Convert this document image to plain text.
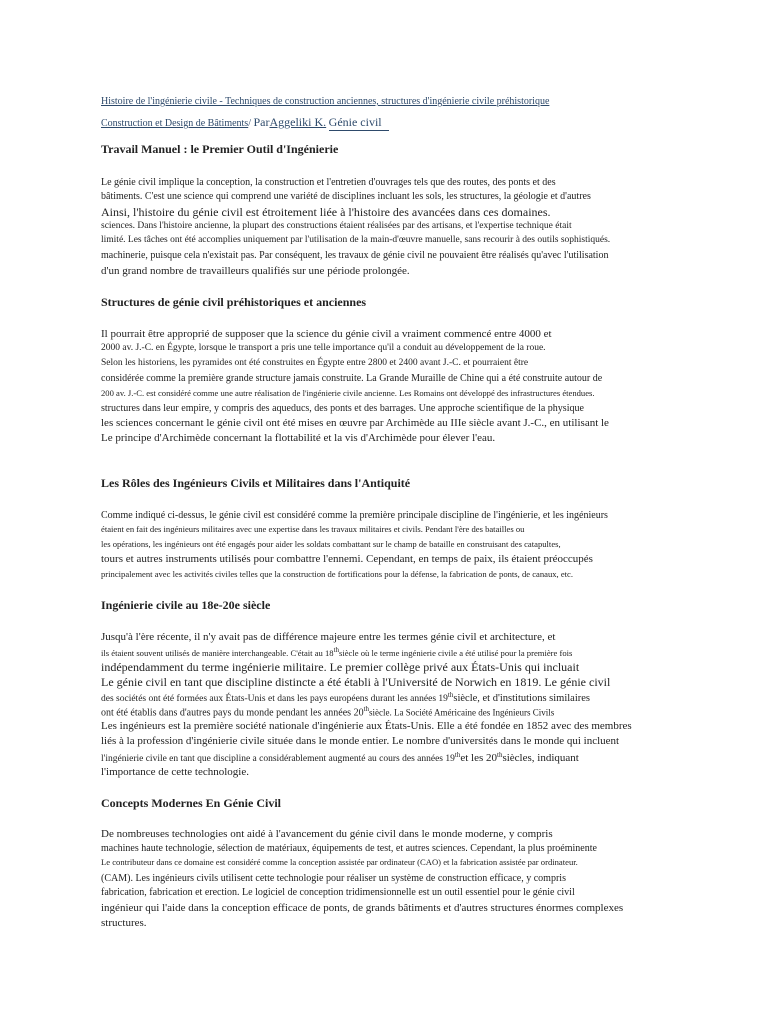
Histoire de l'ingénierie civile - Techniques de construction anciennes, structures d'ingénierie civile préhistorique
Construction et Design de Bâtiments/ ParAggeliki K. Génie civil
Travail Manuel : le Premier Outil d'Ingénierie
Le génie civil implique la conception, la construction et l'entretien d'ouvrages tels que des routes, des ponts et des
bâtiments. C'est une science qui comprend une variété de disciplines incluant les sols, les structures, la géologie et d'autres
Ainsi, l'histoire du génie civil est étroitement liée à l'histoire des avancées dans ces domaines.
sciences. Dans l'histoire ancienne, la plupart des constructions étaient réalisées par des artisans, et l'expertise technique était
limité. Les tâches ont été accomplies uniquement par l'utilisation de la main-d'œuvre manuelle, sans recourir à des outils sophistiqués.
machinerie, puisque cela n'existait pas. Par conséquent, les travaux de génie civil ne pouvaient être réalisés qu'avec l'utilisation
d'un grand nombre de travailleurs qualifiés sur une période prolongée.
Structures de génie civil préhistoriques et anciennes
Il pourrait être approprié de supposer que la science du génie civil a vraiment commencé entre 4000 et
2000 av. J.-C. en Égypte, lorsque le transport a pris une telle importance qu'il a conduit au développement de la roue.
Selon les historiens, les pyramides ont été construites en Égypte entre 2800 et 2400 avant J.-C. et pourraient être
considérée comme la première grande structure jamais construite. La Grande Muraille de Chine qui a été construite autour de
200 av. J.-C. est considéré comme une autre réalisation de l'ingénierie civile ancienne. Les Romains ont développé des infrastructures étendues.
structures dans leur empire, y compris des aqueducs, des ponts et des barrages. Une approche scientifique de la physique
les sciences concernant le génie civil ont été mises en œuvre par Archimède au IIIe siècle avant J.-C., en utilisant le
Le principe d'Archimède concernant la flottabilité et la vis d'Archimède pour élever l'eau.
Les Rôles des Ingénieurs Civils et Militaires dans l'Antiquité
Comme indiqué ci-dessus, le génie civil est considéré comme la première principale discipline de l'ingénierie, et les ingénieurs
étaient en fait des ingénieurs militaires avec une expertise dans les travaux militaires et civils. Pendant l'ère des batailles ou
les opérations, les ingénieurs ont été engagés pour aider les soldats combattant sur le champ de bataille en construisant des catapultes,
tours et autres instruments utilisés pour combattre l'ennemi. Cependant, en temps de paix, ils étaient préoccupés
principalement avec les activités civiles telles que la construction de fortifications pour la défense, la fabrication de ponts, de canaux, etc.
Ingénierie civile au 18e-20e siècle
Jusqu'à l'ère récente, il n'y avait pas de différence majeure entre les termes génie civil et architecture, et
ils étaient souvent utilisés de manière interchangeable. C'était au 18thsiècle où le terme ingénierie civile a été utilisé pour la première fois
indépendamment du terme ingénierie militaire. Le premier collège privé aux États-Unis qui incluait
Le génie civil en tant que discipline distincte a été établi à l'Université de Norwich en 1819. Le génie civil
des sociétés ont été formées aux États-Unis et dans les pays européens durant les années 19thsiècle, et d'institutions similaires
ont été établis dans d'autres pays du monde pendant les années 20thsiècle. La Société Américaine des Ingénieurs Civils
Les ingénieurs est la première société nationale d'ingénierie aux États-Unis. Elle a été fondée en 1852 avec des membres
liés à la profession d'ingénierie civile située dans le monde entier. Le nombre d'universités dans le monde qui incluent
l'ingénierie civile en tant que discipline a considérablement augmenté au cours des années 19thet les 20thsiècles, indiquant
l'importance de cette technologie.
Concepts Modernes En Génie Civil
De nombreuses technologies ont aidé à l'avancement du génie civil dans le monde moderne, y compris
machines haute technologie, sélection de matériaux, équipements de test, et autres sciences. Cependant, la plus proéminente
Le contributeur dans ce domaine est considéré comme la conception assistée par ordinateur (CAO) et la fabrication assistée par ordinateur.
(CAM). Les ingénieurs civils utilisent cette technologie pour réaliser un système de construction efficace, y compris
fabrication, fabrication et erection. Le logiciel de conception tridimensionnelle est un outil essentiel pour le génie civil
ingénieur qui l'aide dans la conception efficace de ponts, de grands bâtiments et d'autres structures énormes complexes
structures.
